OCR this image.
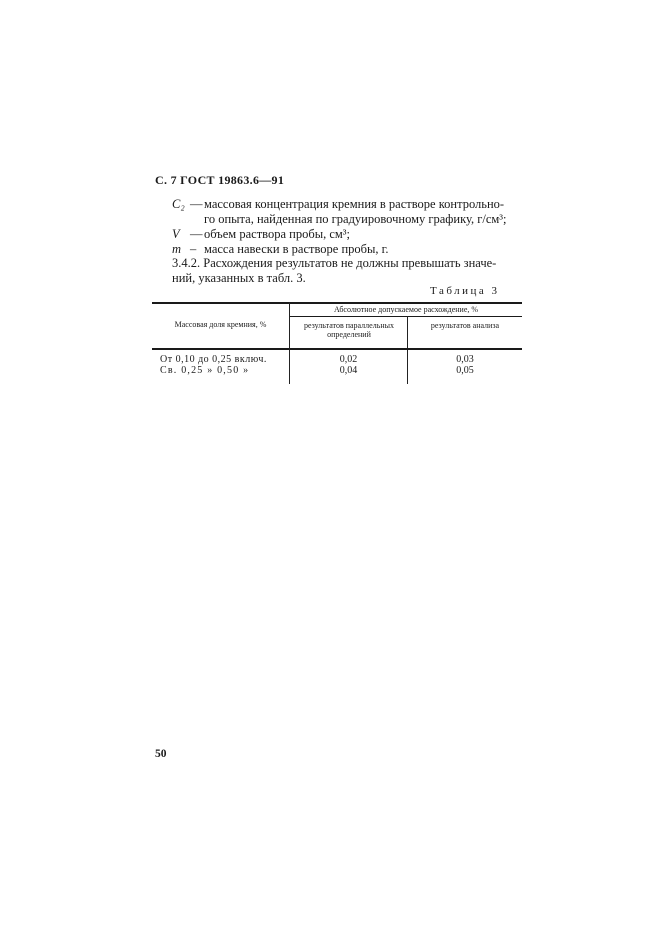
С. 7 ГОСТ 19863.6—91
C₂ — массовая концентрация кремния в растворе контрольно-
го опыта, найденная по градуировочному графику, г/см³;
V — объем раствора пробы, см³;
m – масса навески в растворе пробы, г.
3.4.2. Расхождения результатов не должны превышать значе-
ний, указанных в табл. 3.
Таблица 3
Массовая доля кремния, %
Абсолютное допускаемое расхождение, %
результатов параллельных определений
результатов анализа
От 0,10 до 0,25 включ.	0,02	0,03
Св. 0,25 » 0,50 »	0,04	0,05
50
